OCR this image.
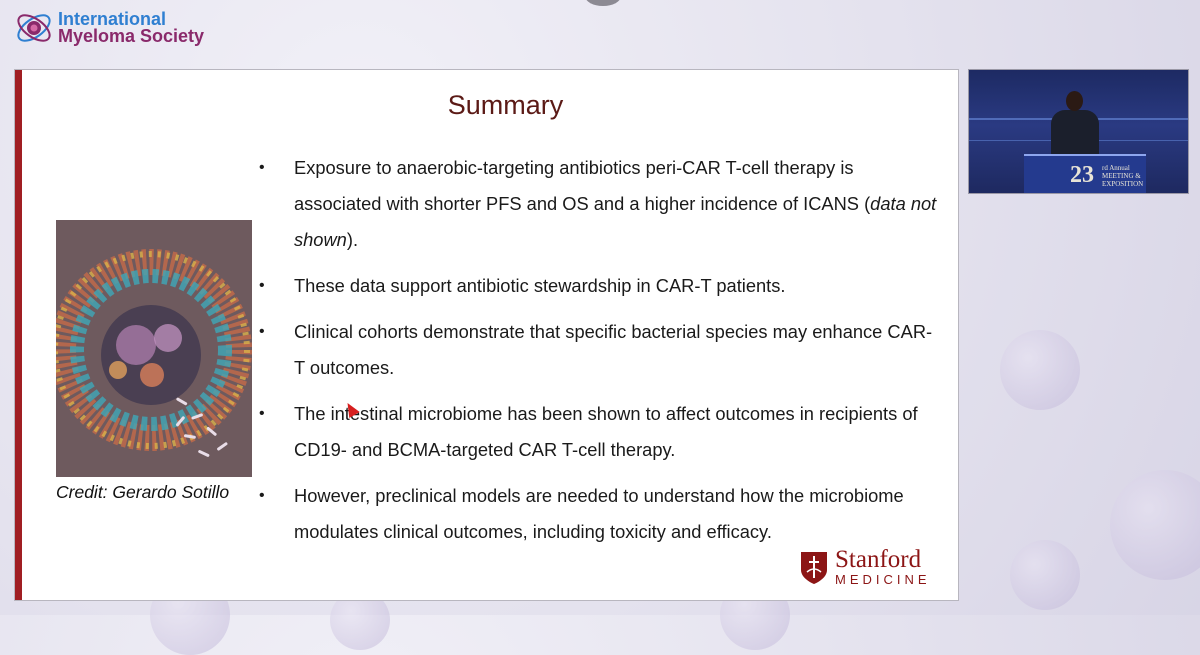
International
Myeloma Society
Summary
Credit: Gerardo Sotillo
• Exposure to anaerobic-targeting antibiotics peri-CAR T-cell therapy is associated with shorter PFS and OS and a higher incidence of ICANS (data not shown).
• These data support antibiotic stewardship in CAR-T patients.
• Clinical cohorts demonstrate that specific bacterial species may enhance CAR-T outcomes.
• The intestinal microbiome has been shown to affect outcomes in recipients of CD19- and BCMA-targeted CAR T-cell therapy.
• However, preclinical models are needed to understand how the microbiome modulates clinical outcomes, including toxicity and efficacy.
Stanford
MEDICINE
23 rd Annual
MEETING &
EXPOSITION
